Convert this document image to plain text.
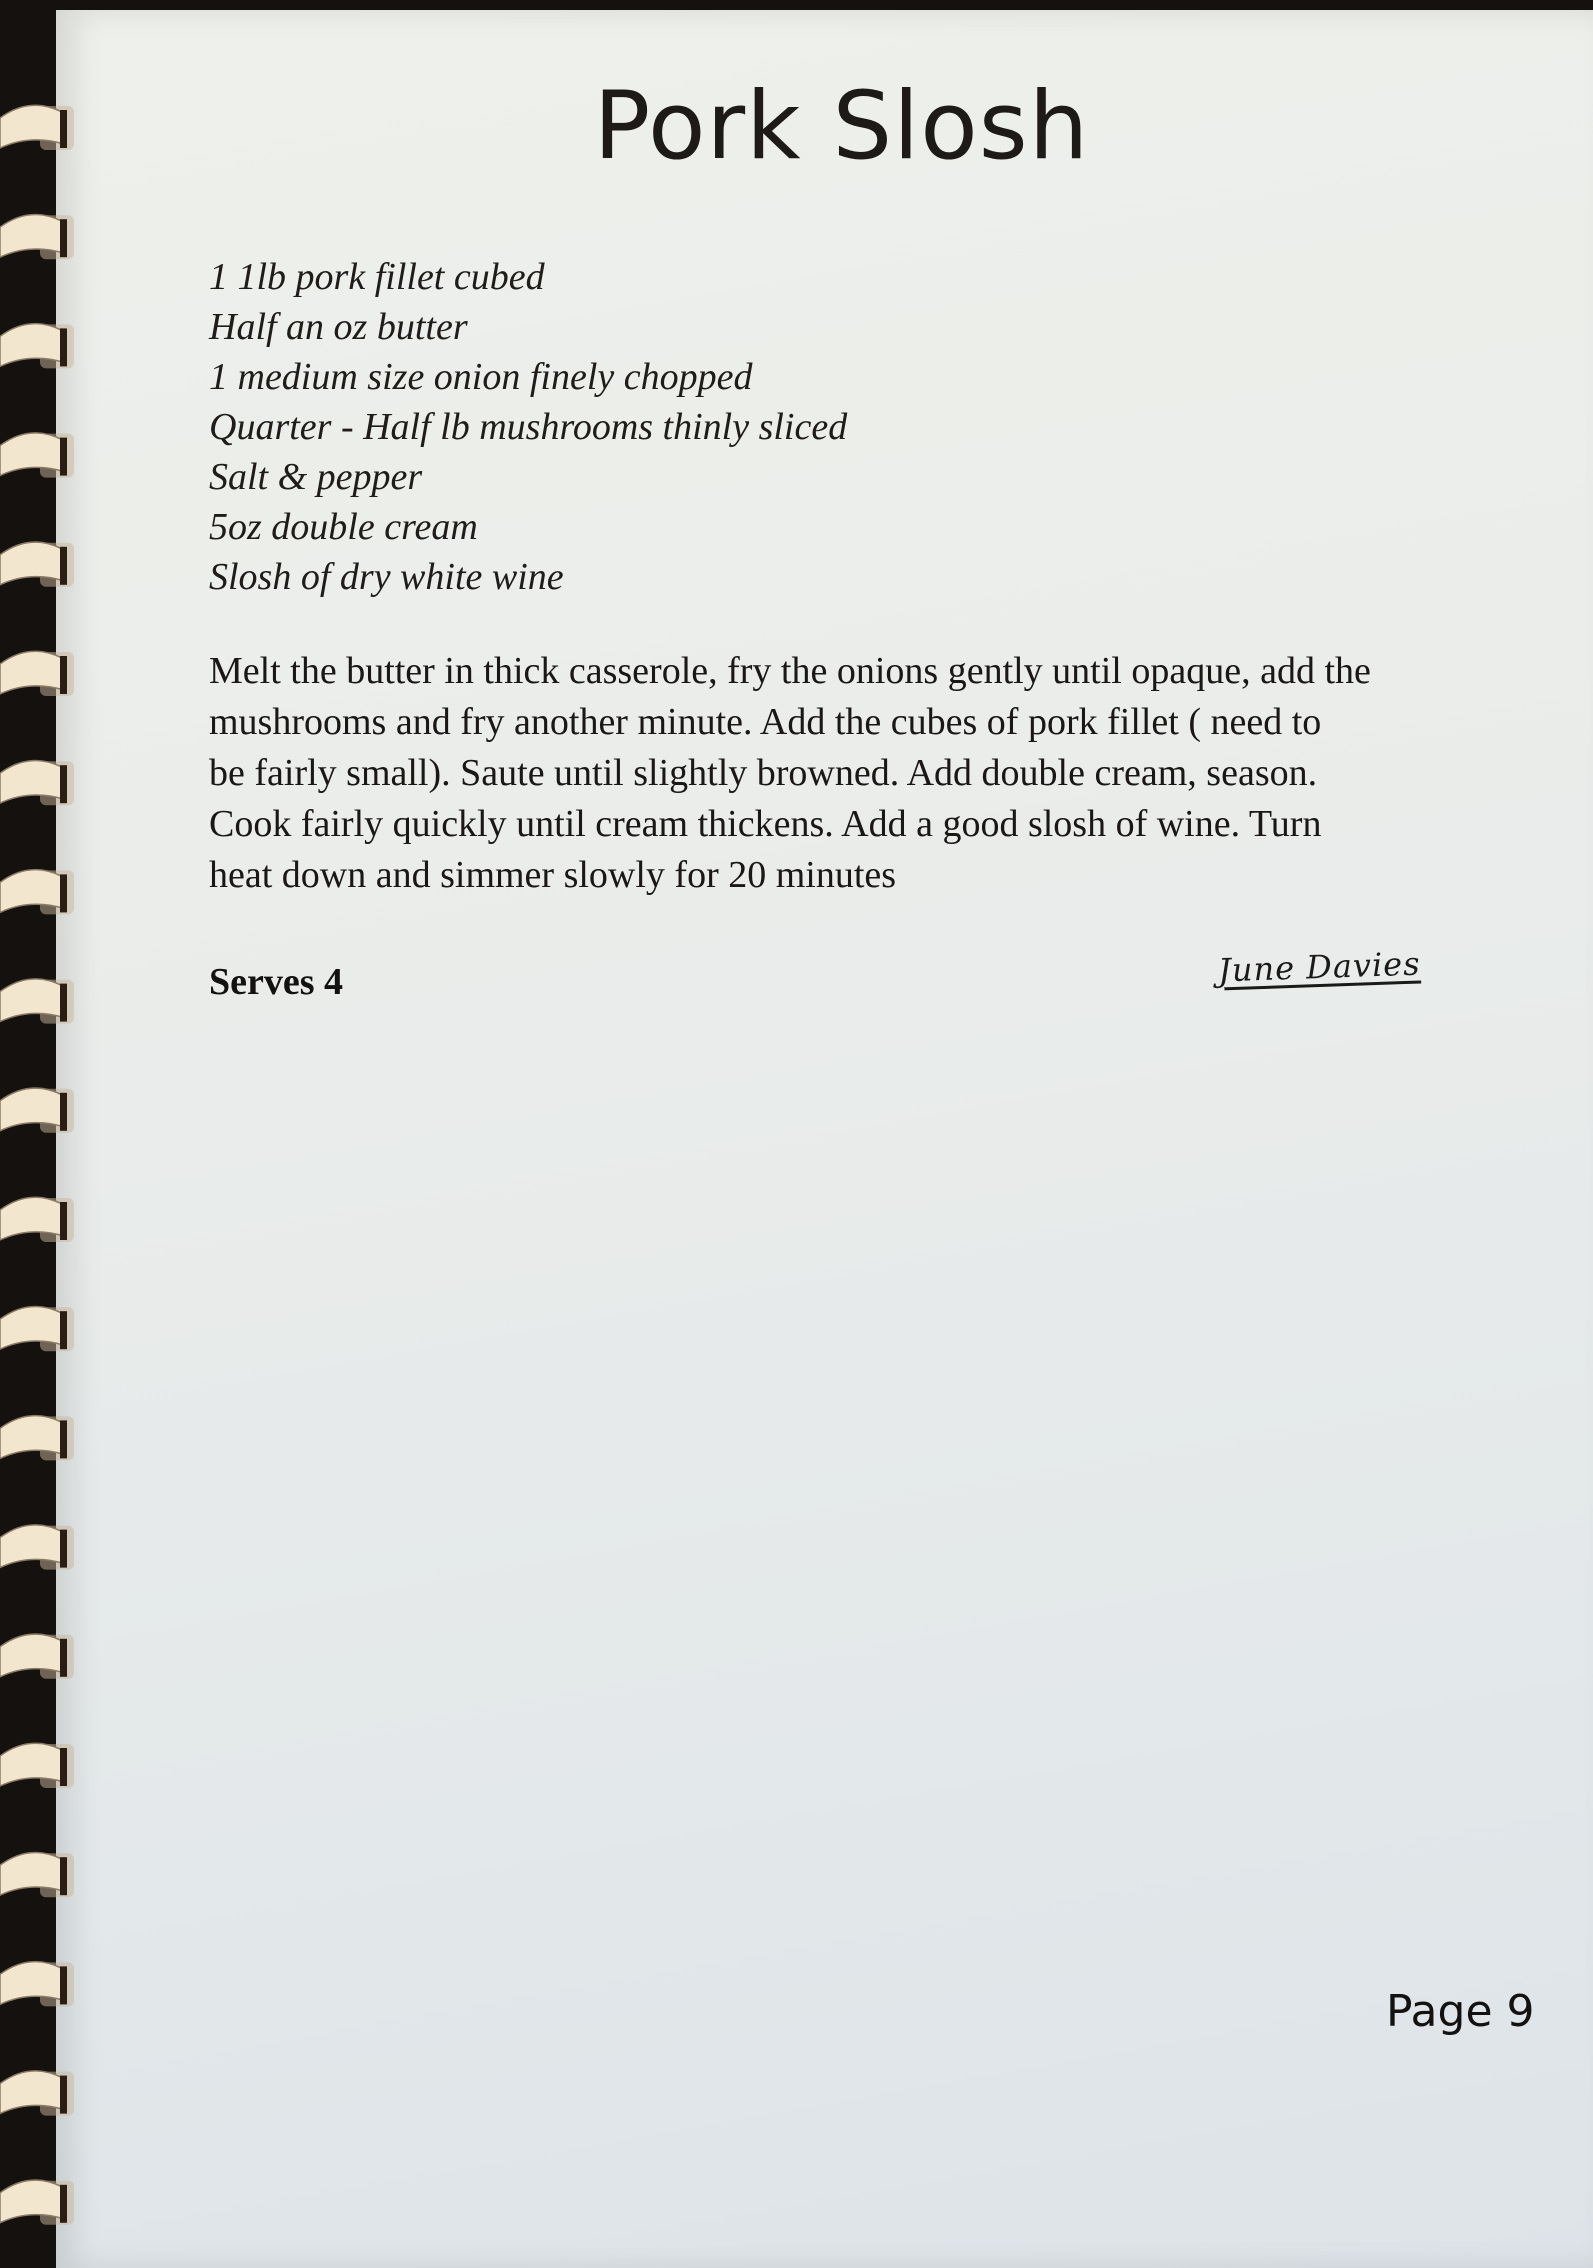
Pork Slosh
1 1lb pork fillet cubed
Half an oz butter
1 medium size onion finely chopped
Quarter - Half lb mushrooms thinly sliced
Salt & pepper
5oz double cream
Slosh of dry white wine
Melt the butter in thick casserole, fry the onions gently until opaque, add the
mushrooms and fry another minute. Add the cubes of pork fillet ( need to
be fairly small). Saute until slightly browned. Add double cream, season.
Cook fairly quickly until cream thickens. Add a good slosh of wine. Turn
heat down and simmer slowly for 20 minutes

Serves 4	June Davies

Page 9
